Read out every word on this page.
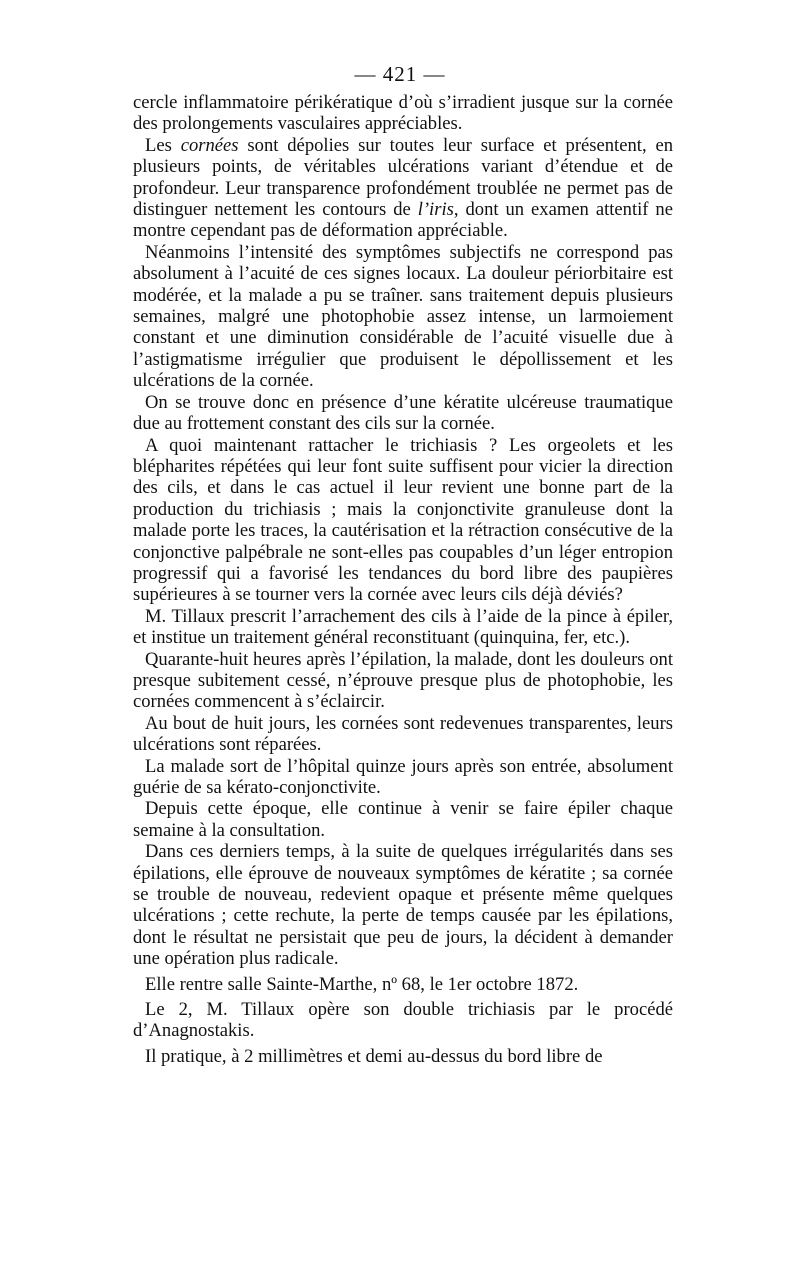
— 421 —

cercle inflammatoire périkératique d’où s’irradient jusque sur la cornée des prolongements vasculaires appréciables.

Les cornées sont dépolies sur toutes leur surface et présentent, en plusieurs points, de véritables ulcérations variant d’étendue et de profondeur. Leur transparence profondément troublée ne permet pas de distinguer nettement les contours de l’iris, dont un examen attentif ne montre cependant pas de déformation appréciable.

Néanmoins l’intensité des symptômes subjectifs ne correspond pas absolument à l’acuité de ces signes locaux. La douleur périorbitaire est modérée, et la malade a pu se traîner. sans traitement depuis plusieurs semaines, malgré une photophobie assez intense, un larmoiement constant et une diminution considérable de l’acuité visuelle due à l’astigmatisme irrégulier que produisent le dépollissement et les ulcérations de la cornée.

On se trouve donc en présence d’une kératite ulcéreuse traumatique due au frottement constant des cils sur la cornée.

A quoi maintenant rattacher le trichiasis ? Les orgeolets et les blépharites répétées qui leur font suite suffisent pour vicier la direction des cils, et dans le cas actuel il leur revient une bonne part de la production du trichiasis ; mais la conjonctivite granuleuse dont la malade porte les traces, la cautérisation et la rétraction consécutive de la conjonctive palpébrale ne sont-elles pas coupables d’un léger entropion progressif qui a favorisé les tendances du bord libre des paupières supérieures à se tourner vers la cornée avec leurs cils déjà déviés?

M. Tillaux prescrit l’arrachement des cils à l’aide de la pince à épiler, et institue un traitement général reconstituant (quinquina, fer, etc.).

Quarante-huit heures après l’épilation, la malade, dont les douleurs ont presque subitement cessé, n’éprouve presque plus de photophobie, les cornées commencent à s’éclaircir.

Au bout de huit jours, les cornées sont redevenues transparentes, leurs ulcérations sont réparées.

La malade sort de l’hôpital quinze jours après son entrée, absolument guérie de sa kérato-conjonctivite.

Depuis cette époque, elle continue à venir se faire épiler chaque semaine à la consultation.

Dans ces derniers temps, à la suite de quelques irrégularités dans ses épilations, elle éprouve de nouveaux symptômes de kératite ; sa cornée se trouble de nouveau, redevient opaque et présente même quelques ulcérations ; cette rechute, la perte de temps causée par les épilations, dont le résultat ne persistait que peu de jours, la décident à demander une opération plus radicale.

Elle rentre salle Sainte-Marthe, nº 68, le 1er octobre 1872.

Le 2, M. Tillaux opère son double trichiasis par le procédé d’Anagnostakis.

Il pratique, à 2 millimètres et demi au-dessus du bord libre de
